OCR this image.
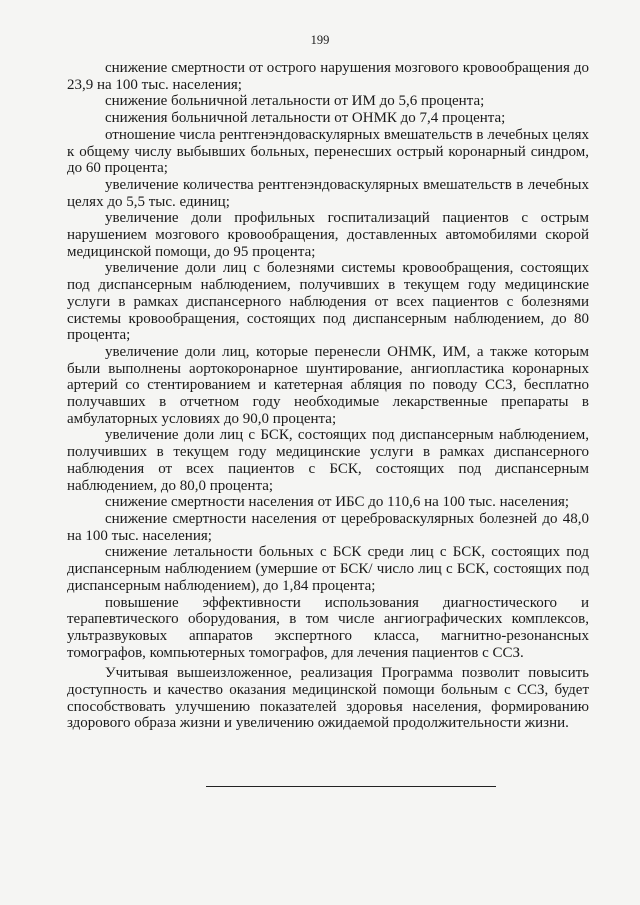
199

снижение смертности от острого нарушения мозгового кровообращения до 23,9 на 100 тыс. населения;

снижение больничной летальности от ИМ до 5,6 процента;

снижения больничной летальности от ОНМК до 7,4 процента;

отношение числа рентгенэндоваскулярных вмешательств в лечебных целях к общему числу выбывших больных, перенесших острый коронарный синдром, до 60 процента;

увеличение количества рентгенэндоваскулярных вмешательств в лечебных целях до 5,5 тыс. единиц;

увеличение доли профильных госпитализаций пациентов с острым нарушением мозгового кровообращения, доставленных автомобилями скорой медицинской помощи, до 95 процента;

увеличение доли лиц с болезнями системы кровообращения, состоящих под диспансерным наблюдением, получивших в текущем году медицинские услуги в рамках диспансерного наблюдения от всех пациентов с болезнями системы кровообращения, состоящих под диспансерным наблюдением, до 80 процента;

увеличение доли лиц, которые перенесли ОНМК, ИМ, а также которым были выполнены аортокоронарное шунтирование, ангиопластика коронарных артерий со стентированием и катетерная абляция по поводу ССЗ, бесплатно получавших в отчетном году необходимые лекарственные препараты в амбулаторных условиях до 90,0 процента;

увеличение доли лиц с БСК, состоящих под диспансерным наблюдением, получивших в текущем году медицинские услуги в рамках диспансерного наблюдения от всех пациентов с БСК, состоящих под диспансерным наблюдением, до 80,0 процента;

снижение смертности населения от ИБС до 110,6 на 100 тыс. населения;

снижение смертности населения от цереброваскулярных болезней до 48,0 на 100 тыс. населения;

снижение летальности больных с БСК среди лиц с БСК, состоящих под диспансерным наблюдением (умершие от БСК/ число лиц с БСК, состоящих под диспансерным наблюдением), до 1,84 процента;

повышение эффективности использования диагностического и терапевтического оборудования, в том числе ангиографических комплексов, ультразвуковых аппаратов экспертного класса, магнитно-резонансных томографов, компьютерных томографов, для лечения пациентов с ССЗ.

Учитывая вышеизложенное, реализация Программа позволит повысить доступность и качество оказания медицинской помощи больным с ССЗ, будет способствовать улучшению показателей здоровья населения, формированию здорового образа жизни и увеличению ожидаемой продолжительности жизни.
